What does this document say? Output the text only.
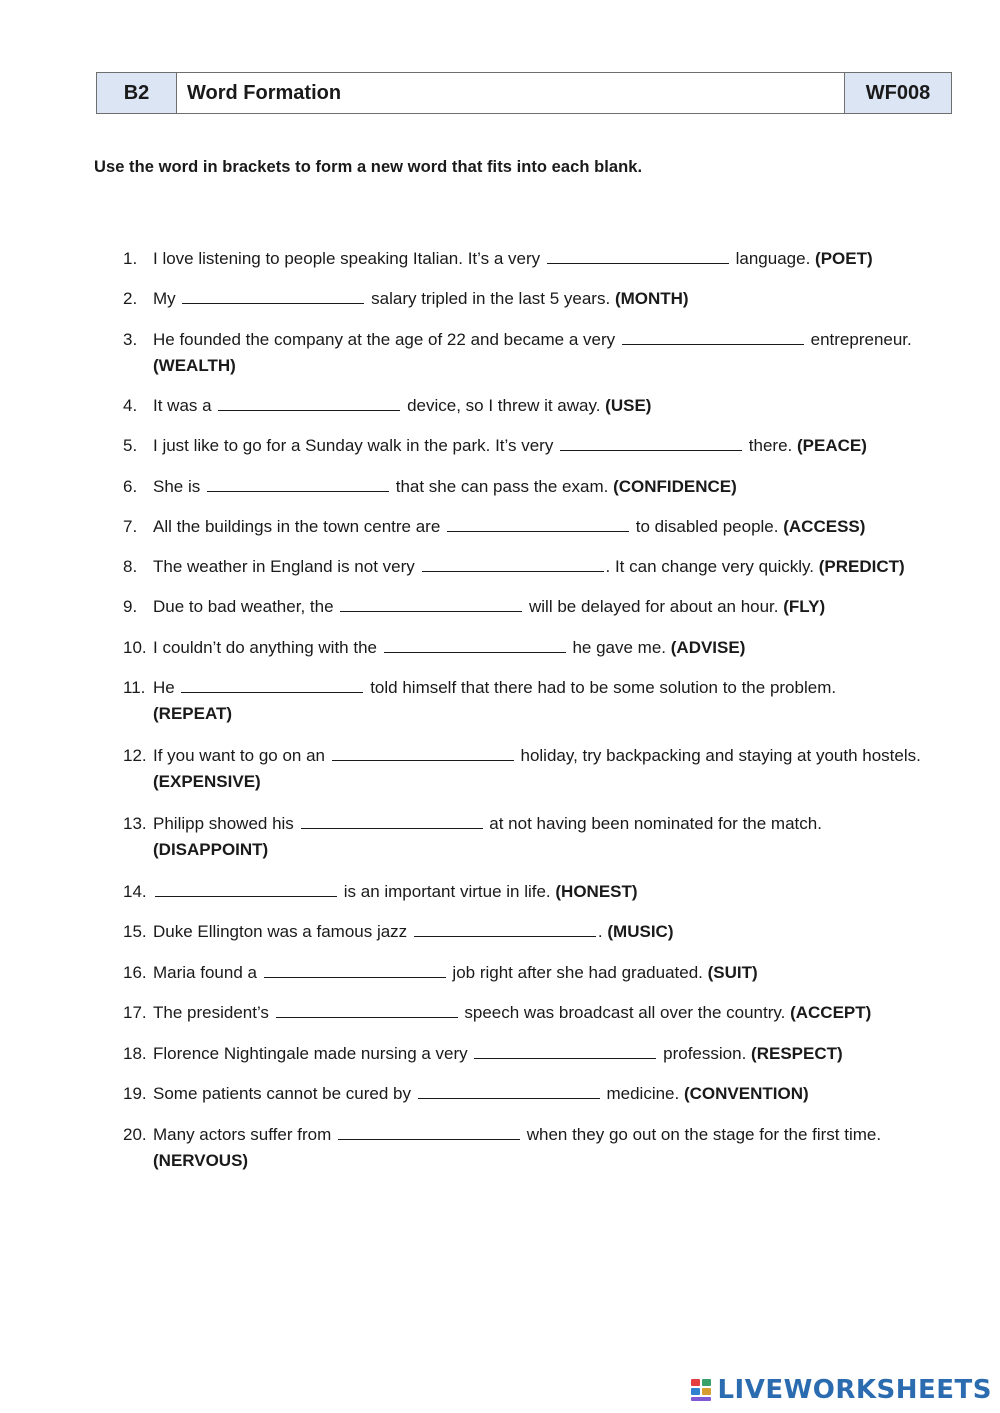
B2	Word Formation	WF008
Use the word in brackets to form a new word that fits into each blank.
1. I love listening to people speaking Italian. It’s a very	language. (POET)
2. My	salary tripled in the last 5 years. (MONTH)
3. He founded the company at the age of 22 and became a very	entrepreneur.
(WEALTH)
4. It was a	device, so I threw it away. (USE)
5. I just like to go for a Sunday walk in the park. It’s very	there. (PEACE)
6. She is	that she can pass the exam. (CONFIDENCE)
7. All the buildings in the town centre are	to disabled people. (ACCESS)
8. The weather in England is not very	. It can change very quickly. (PREDICT)
9. Due to bad weather, the	will be delayed for about an hour. (FLY)
10. I couldn’t do anything with the	he gave me. (ADVISE)
11. He	told himself that there had to be some solution to the problem.
(REPEAT)
12. If you want to go on an	holiday, try backpacking and staying at youth hostels. (EXPENSIVE)
13. Philipp showed his	at not having been nominated for the match.
(DISAPPOINT)
14.	is an important virtue in life. (HONEST)
15. Duke Ellington was a famous jazz	. (MUSIC)
16. Maria found a	job right after she had graduated. (SUIT)
17. The president’s	speech was broadcast all over the country. (ACCEPT)
18. Florence Nightingale made nursing a very	profession. (RESPECT)
19. Some patients cannot be cured by	medicine. (CONVENTION)
20. Many actors suffer from	when they go out on the stage for the first time.
(NERVOUS)
LIVEWORKSHEETS
